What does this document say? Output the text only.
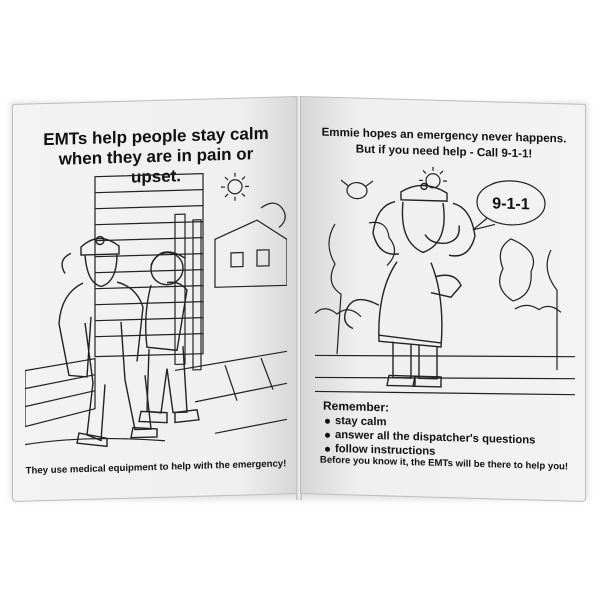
EMTs help people stay calm
when they are in pain or upset.
They use medical equipment to help with the emergency!
Emmie hopes an emergency never happens.
But if you need help - Call 9-1-1!
9-1-1
Remember:
stay calm
answer all the dispatcher's questions
follow instructions
Before you know it, the EMTs will be there to help you!
